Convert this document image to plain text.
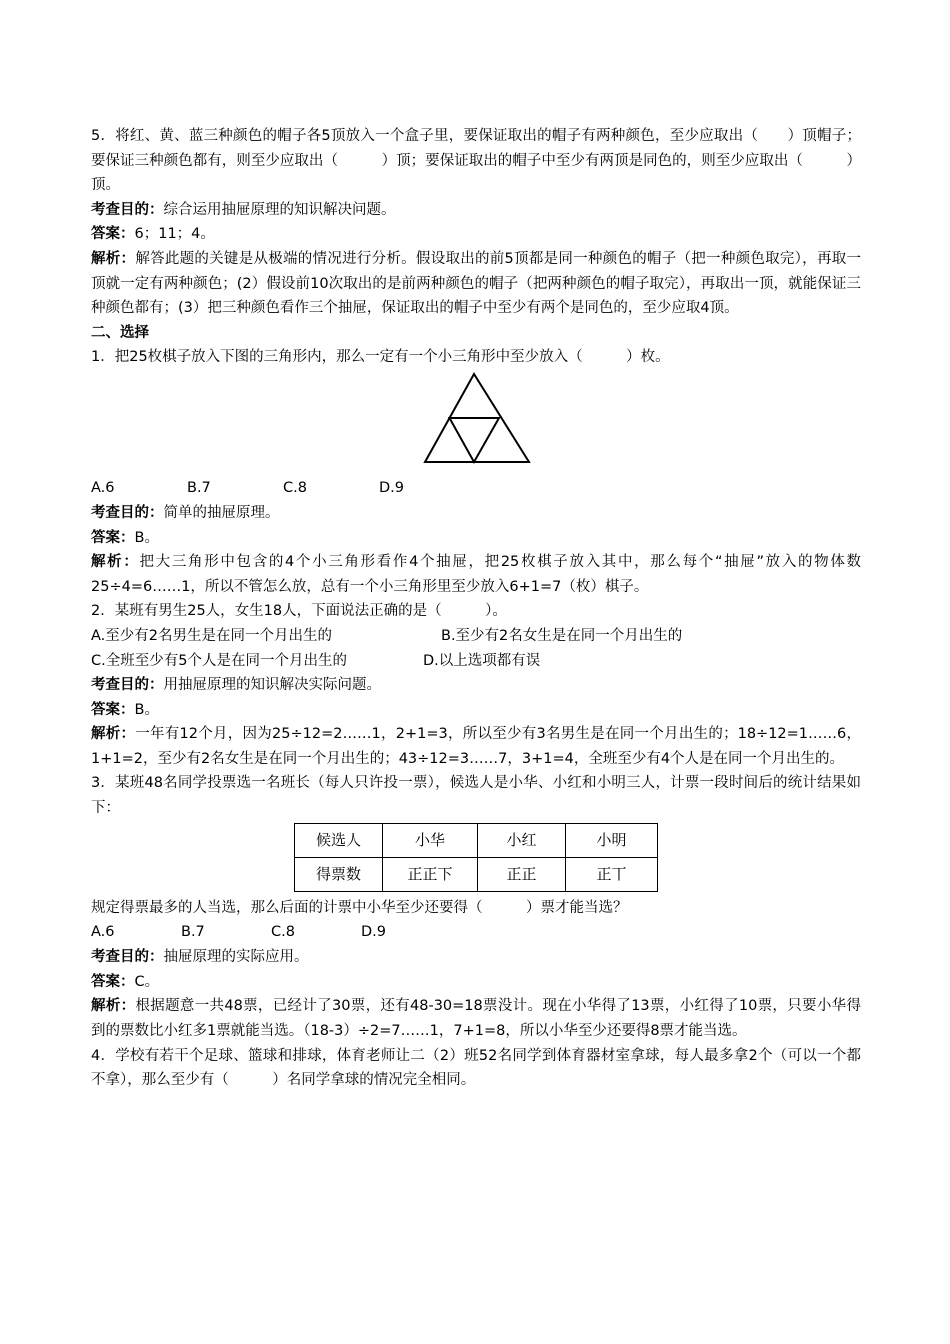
5．将红、黄、蓝三种颜色的帽子各5顶放入一个盒子里，要保证取出的帽子有两种颜色，至少应取出（　　）顶帽子；要保证三种颜色都有，则至少应取出（　　　）顶；要保证取出的帽子中至少有两顶是同色的，则至少应取出（　　　）顶。

考查目的：综合运用抽屉原理的知识解决问题。

答案：6；11；4。

解析：解答此题的关键是从极端的情况进行分析。假设取出的前5顶都是同一种颜色的帽子（把一种颜色取完），再取一顶就一定有两种颜色；(2）假设前10次取出的是前两种颜色的帽子（把两种颜色的帽子取完），再取出一顶，就能保证三种颜色都有；(3）把三种颜色看作三个抽屉，保证取出的帽子中至少有两个是同色的，至少应取4顶。

二、选择

1．把25枚棋子放入下图的三角形内，那么一定有一个小三角形中至少放入（　　　）枚。

A.6	B.7	C.8	D.9

考查目的：简单的抽屉原理。

答案：B。

解析：把大三角形中包含的4个小三角形看作4个抽屉，把25枚棋子放入其中，那么每个“抽屉”放入的物体数25÷4=6……1，所以不管怎么放，总有一个小三角形里至少放入6+1=7（枚）棋子。

2．某班有男生25人，女生18人，下面说法正确的是（　　　）。

A.至少有2名男生是在同一个月出生的	B.至少有2名女生是在同一个月出生的
C.全班至少有5个人是在同一个月出生的	D.以上选项都有误

考查目的：用抽屉原理的知识解决实际问题。

答案：B。

解析：一年有12个月，因为25÷12=2……1，2+1=3，所以至少有3名男生是在同一个月出生的；18÷12=1……6，1+1=2，至少有2名女生是在同一个月出生的；43÷12=3……7，3+1=4，全班至少有4个人是在同一个月出生的。

3．某班48名同学投票选一名班长（每人只许投一票），候选人是小华、小红和小明三人，计票一段时间后的统计结果如下：

候选人	小华	小红	小明
得票数	正正下	正正	正丅

规定得票最多的人当选，那么后面的计票中小华至少还要得（　　　）票才能当选？

A.6	B.7	C.8	D.9

考查目的：抽屉原理的实际应用。

答案：C。

解析：根据题意一共48票，已经计了30票，还有48-30=18票没计。现在小华得了13票，小红得了10票，只要小华得到的票数比小红多1票就能当选。（18-3）÷2=7……1，7+1=8，所以小华至少还要得8票才能当选。

4．学校有若干个足球、篮球和排球，体育老师让二（2）班52名同学到体育器材室拿球，每人最多拿2个（可以一个都不拿），那么至少有（　　　）名同学拿球的情况完全相同。
